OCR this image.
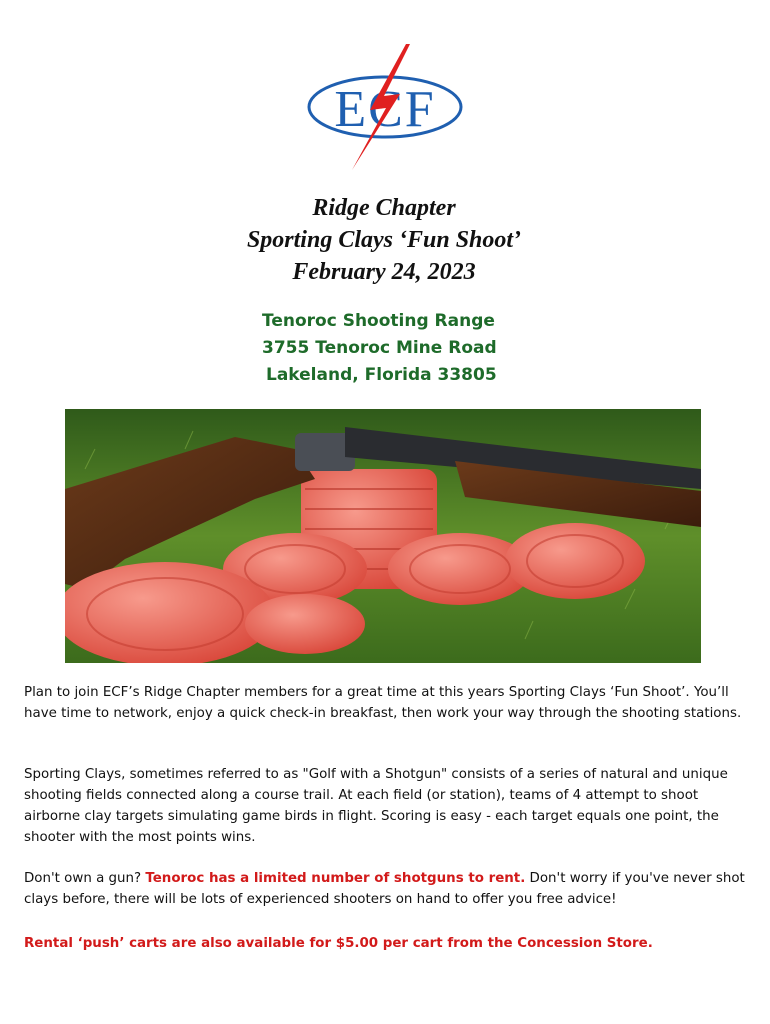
ECF
Ridge Chapter
Sporting Clays ‘Fun Shoot’
February 24, 2023
Tenoroc Shooting Range
3755 Tenoroc Mine Road
Lakeland, Florida 33805
Plan to join ECF’s Ridge Chapter members for a great time at this years Sporting Clays ‘Fun Shoot’. You’ll have time to network, enjoy a quick check-in breakfast, then work your way through the shooting stations.
Sporting Clays, sometimes referred to as "Golf with a Shotgun" consists of a series of natural and unique shooting fields connected along a course trail. At each field (or station), teams of 4 attempt to shoot airborne clay targets simulating game birds in flight. Scoring is easy - each target equals one point, the shooter with the most points wins.
Don't own a gun? Tenoroc has a limited number of shotguns to rent. Don't worry if you've never shot clays before, there will be lots of experienced shooters on hand to offer you free advice!
Rental ‘push’ carts are also available for $5.00 per cart from the Concession Store.
